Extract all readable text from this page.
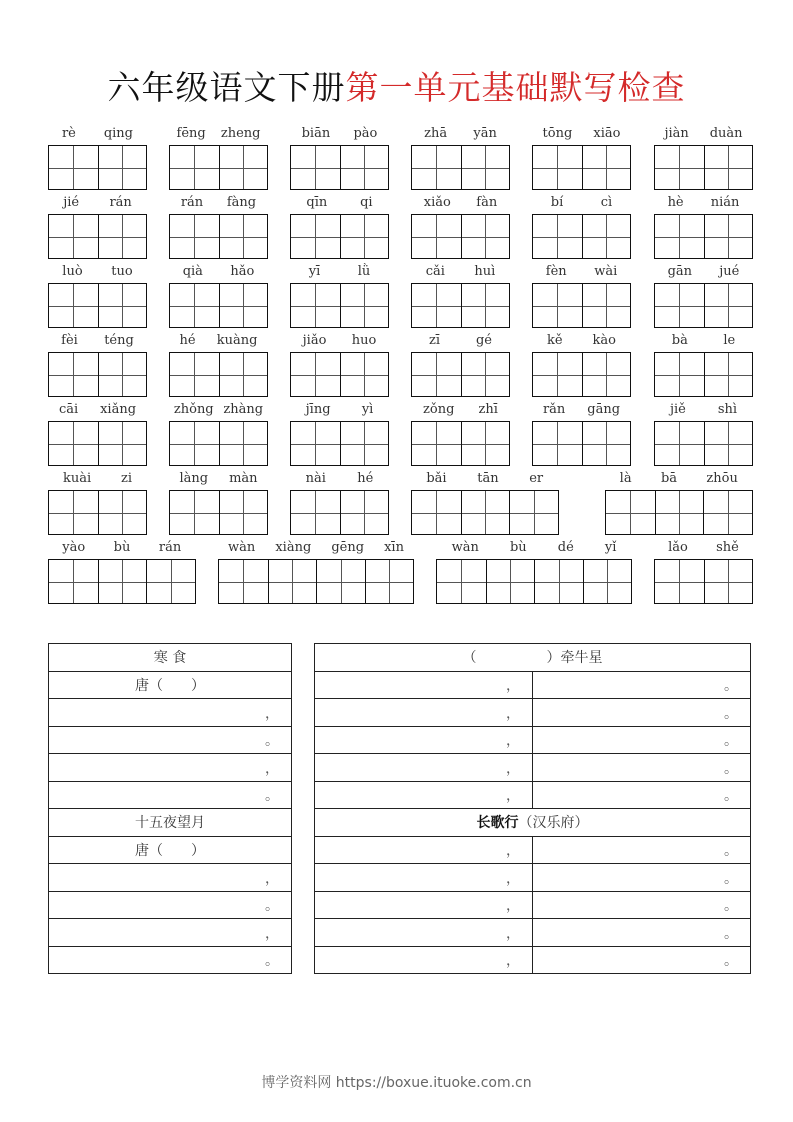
六年级语文下册第一单元基础默写检查
rè qing	fēng zheng	biān pào	zhā yān	tōng xiāo	jiàn duàn
jié rán	rán fàng	qīn	qi	xiǎo fàn	bí	cì	hè nián
luò tuo	qià hǎo	yī	lǜ	cǎi huì	fèn wài	gān jué
fèi téng	hé kuàng	jiǎo huo	zī	gé	kě kào	bà	le
cāi xiǎng	zhǒng zhàng	jīng yì	zǒng zhī	rǎn gāng	jiě shì
kuài zi	làng màn	nài hé	bǎi tān er	là bā zhōu
yào bù rán	wàn xiàng gēng xīn	wàn bù dé yǐ	lǎo shě
寒 食
唐（　　）
，
。
，
。
十五夜望月
唐（　　）
，
。
，
。
（　　　　　）牵牛星	
，	。
，	。
，	。
，	。
，	。
长歌行（汉乐府）	
，	。
，	。
，	。
，	。
，	。
博学资料网 https://boxue.ituoke.com.cn
